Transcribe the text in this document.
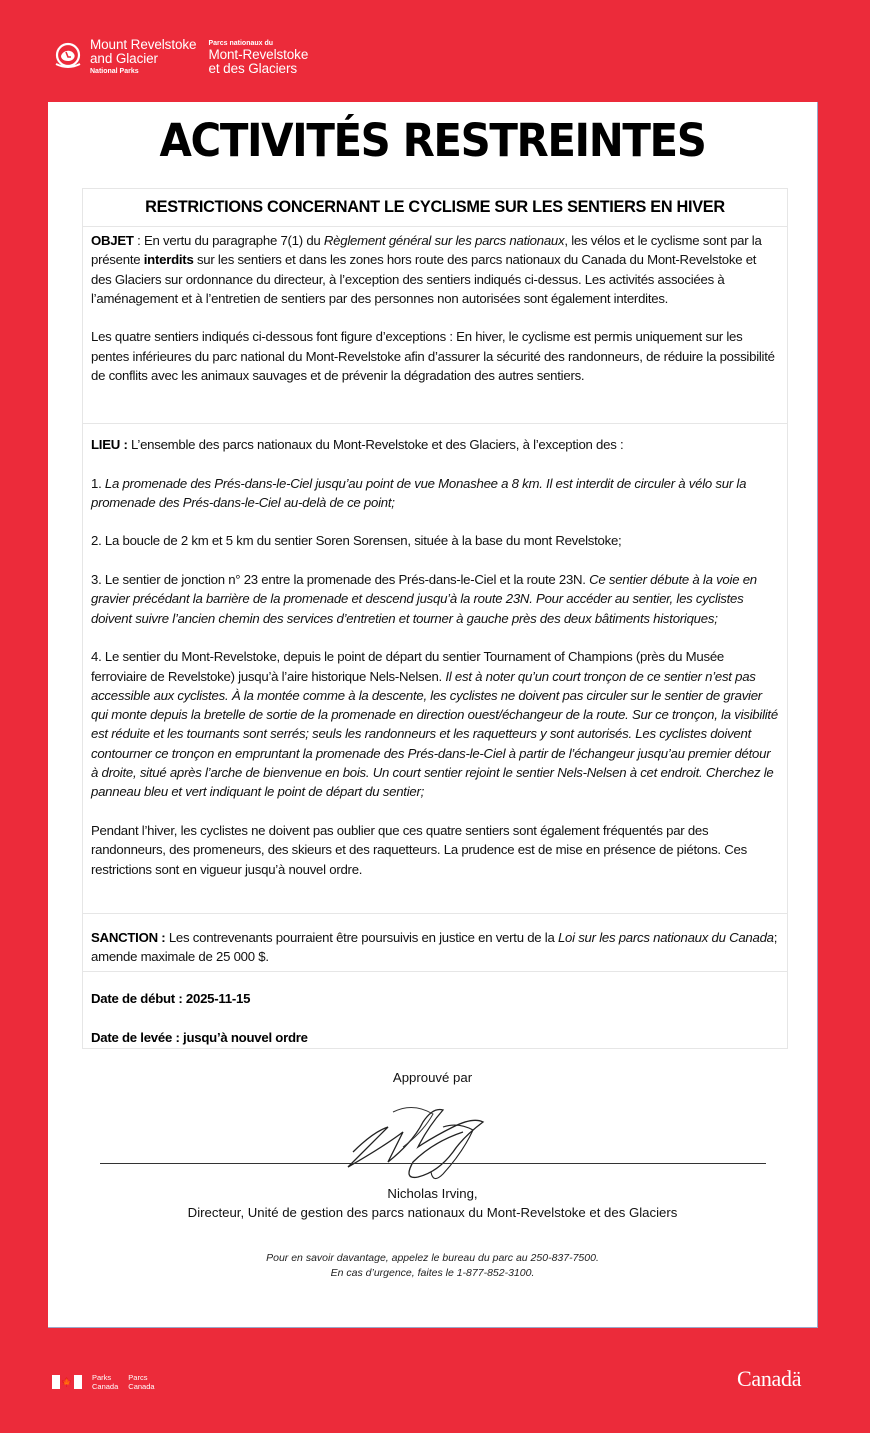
Mount Revelstoke
and Glacier
National Parks
Parcs nationaux du
Mont-Revelstoke
et des Glaciers
ACTIVITÉS RESTREINTES
RESTRICTIONS CONCERNANT LE CYCLISME SUR LES SENTIERS EN HIVER

OBJET : En vertu du paragraphe 7(1) du Règlement général sur les parcs nationaux, les vélos et le cyclisme sont par la présente interdits sur les sentiers et dans les zones hors route des parcs nationaux du Canada du Mont-Revelstoke et des Glaciers sur ordonnance du directeur, à l’exception des sentiers indiqués ci-dessus. Les activités associées à l’aménagement et à l’entretien de sentiers par des personnes non autorisées sont également interdites.

Les quatre sentiers indiqués ci-dessous font figure d’exceptions : En hiver, le cyclisme est permis uniquement sur les pentes inférieures du parc national du Mont-Revelstoke afin d’assurer la sécurité des randonneurs, de réduire la possibilité de conflits avec les animaux sauvages et de prévenir la dégradation des autres sentiers.

LIEU : L’ensemble des parcs nationaux du Mont-Revelstoke et des Glaciers, à l’exception des :

1. La promenade des Prés-dans-le-Ciel jusqu’au point de vue Monashee a 8 km. Il est interdit de circuler à vélo sur la promenade des Prés-dans-le-Ciel au-delà de ce point;

2. La boucle de 2 km et 5 km du sentier Soren Sorensen, située à la base du mont Revelstoke;

3. Le sentier de jonction n° 23 entre la promenade des Prés-dans-le-Ciel et la route 23N. Ce sentier débute à la voie en gravier précédant la barrière de la promenade et descend jusqu’à la route 23N. Pour accéder au sentier, les cyclistes doivent suivre l’ancien chemin des services d’entretien et tourner à gauche près des deux bâtiments historiques;

4. Le sentier du Mont-Revelstoke, depuis le point de départ du sentier Tournament of Champions (près du Musée ferroviaire de Revelstoke) jusqu’à l’aire historique Nels-Nelsen. Il est à noter qu’un court tronçon de ce sentier n’est pas accessible aux cyclistes. À la montée comme à la descente, les cyclistes ne doivent pas circuler sur le sentier de gravier qui monte depuis la bretelle de sortie de la promenade en direction ouest/échangeur de la route. Sur ce tronçon, la visibilité est réduite et les tournants sont serrés; seuls les randonneurs et les raquetteurs y sont autorisés. Les cyclistes doivent contourner ce tronçon en empruntant la promenade des Prés-dans-le-Ciel à partir de l’échangeur jusqu’au premier détour à droite, situé après l’arche de bienvenue en bois. Un court sentier rejoint le sentier Nels-Nelsen à cet endroit. Cherchez le panneau bleu et vert indiquant le point de départ du sentier;

Pendant l’hiver, les cyclistes ne doivent pas oublier que ces quatre sentiers sont également fréquentés par des randonneurs, des promeneurs, des skieurs et des raquetteurs. La prudence est de mise en présence de piétons. Ces restrictions sont en vigueur jusqu’à nouvel ordre.

SANCTION : Les contrevenants pourraient être poursuivis en justice en vertu de la Loi sur les parcs nationaux du Canada; amende maximale de 25 000 $.

Date de début : 2025-11-15

Date de levée : jusqu’à nouvel ordre

Approuvé par
Nicholas Irving,
Directeur, Unité de gestion des parcs nationaux du Mont-Revelstoke et des Glaciers
Pour en savoir davantage, appelez le bureau du parc au 250-837-7500.
En cas d’urgence, faites le 1-877-852-3100.
🍁	Parks
Canada
Parcs
Canada	Canadä
